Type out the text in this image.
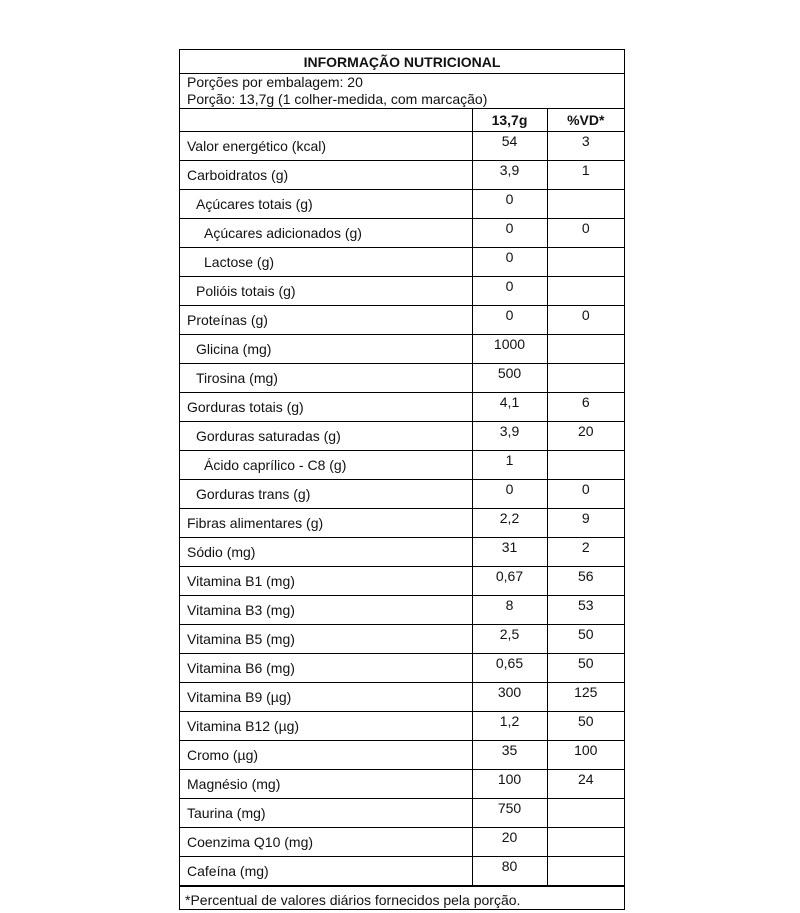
INFORMAÇÃO NUTRICIONAL
Porções por embalagem: 20
Porção: 13,7g (1 colher-medida, com marcação)
	13,7g	%VD*
Valor energético (kcal)	54	3
Carboidratos (g)	3,9	1
Açúcares totais (g)	0	
Açúcares adicionados (g)	0	0
Lactose (g)	0	
Polióis totais (g)	0	
Proteínas (g)	0	0
Glicina (mg)	1000	
Tirosina (mg)	500	
Gorduras totais (g)	4,1	6
Gorduras saturadas (g)	3,9	20
Ácido caprílico - C8 (g)	1	
Gorduras trans (g)	0	0
Fibras alimentares (g)	2,2	9
Sódio (mg)	31	2
Vitamina B1 (mg)	0,67	56
Vitamina B3 (mg)	8	53
Vitamina B5 (mg)	2,5	50
Vitamina B6 (mg)	0,65	50
Vitamina B9 (µg)	300	125
Vitamina B12 (µg)	1,2	50
Cromo (µg)	35	100
Magnésio (mg)	100	24
Taurina (mg)	750	
Coenzima Q10 (mg)	20	
Cafeína (mg)	80	
*Percentual de valores diários fornecidos pela porção.
